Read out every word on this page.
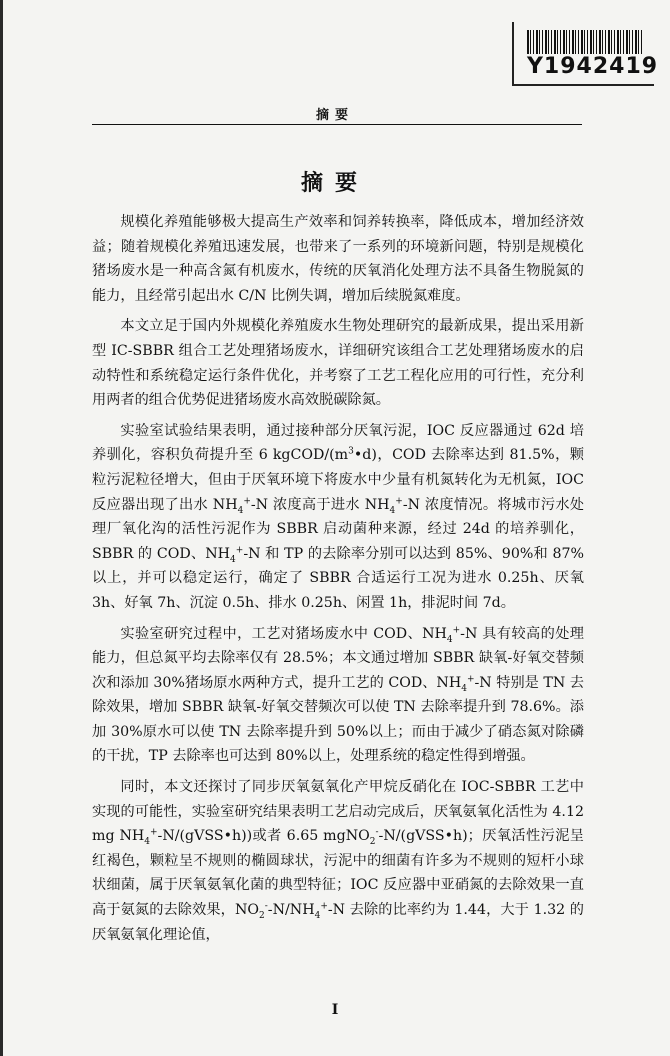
Y1942419
摘要
摘要

规模化养殖能够极大提高生产效率和饲养转换率，降低成本，增加经济效益；随着规模化养殖迅速发展，也带来了一系列的环境新问题，特别是规模化猪场废水是一种高含氮有机废水，传统的厌氧消化处理方法不具备生物脱氮的能力，且经常引起出水 C/N 比例失调，增加后续脱氮难度。

本文立足于国内外规模化养殖废水生物处理研究的最新成果，提出采用新型 IC-SBBR 组合工艺处理猪场废水，详细研究该组合工艺处理猪场废水的启动特性和系统稳定运行条件优化，并考察了工艺工程化应用的可行性，充分利用两者的组合优势促进猪场废水高效脱碳除氮。

实验室试验结果表明，通过接种部分厌氧污泥，IOC 反应器通过 62d 培养驯化，容积负荷提升至 6 kgCOD/$(m^3•d)$，COD 去除率达到 81.5%，颗粒污泥粒径增大，但由于厌氧环境下将废水中少量有机氮转化为无机氮，IOC 反应器出现了出水 $NH_4^+-N$ 浓度高于进水 $NH_4^+-N$ 浓度情况。将城市污水处理厂氧化沟的活性污泥作为 SBBR 启动菌种来源，经过 24d 的培养驯化，SBBR 的 COD、$NH_4^+-N$ 和 TP 的去除率分别可以达到 85%、90%和 87%以上，并可以稳定运行，确定了 SBBR 合适运行工况为进水 0.25h、厌氧 3h、好氧 7h、沉淀 0.5h、排水 0.25h、闲置 1h，排泥时间 7d。

实验室研究过程中，工艺对猪场废水中 COD、$NH_4^+-N$ 具有较高的处理能力，但总氮平均去除率仅有 28.5%；本文通过增加 SBBR 缺氧-好氧交替频次和添加 30%猪场原水两种方式，提升工艺的 COD、$NH_4^+-N$ 特别是 TN 去除效果，增加 SBBR 缺氧-好氧交替频次可以使 TN 去除率提升到 78.6%。添加 30%原水可以使 TN 去除率提升到 50%以上；而由于减少了硝态氮对除磷的干扰，TP 去除率也可达到 80%以上，处理系统的稳定性得到增强。

同时，本文还探讨了同步厌氧氨氧化产甲烷反硝化在 IOC-SBBR 工艺中实现的可能性，实验室研究结果表明工艺启动完成后，厌氧氨氧化活性为 4.12 mg $NH_4^+-N/(gVSS•h)$)或者 6.65 mgNO$_2$--N/(gVSS•h)；厌氧活性污泥呈红褐色，颗粒呈不规则的椭圆球状，污泥中的细菌有许多为不规则的短杆小球状细菌，属于厌氧氨氧化菌的典型特征；IOC 反应器中亚硝氮的去除效果一直高于氨氮的去除效果，$NO_2^--N/NH_4^+-N$ 去除的比率约为 1.44，大于 1.32 的厌氧氨氧化理论值，

I
